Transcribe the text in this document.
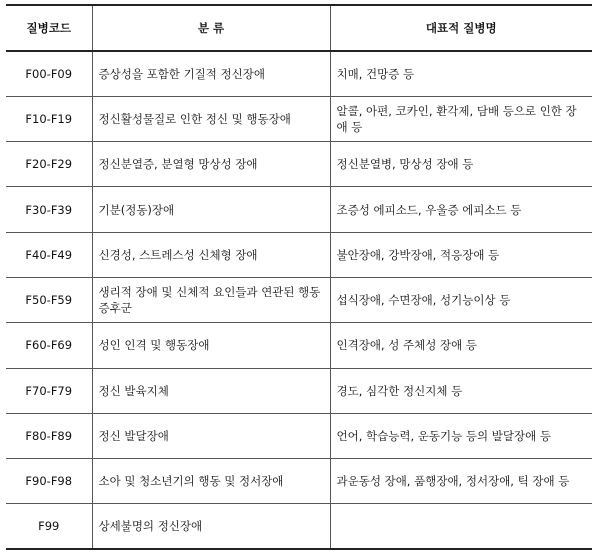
질병코드	분 류	대표적 질병명
F00-F09	증상성을 포함한 기질적 정신장애	치매, 건망증 등
F10-F19	정신활성물질로 인한 정신 및 행동장애	알콜, 아편, 코카인, 환각제, 담배 등으로 인한 장애 등
F20-F29	정신분열증, 분열형 망상성 장애	정신분열병, 망상성 장애 등
F30-F39	기분(정동)장애	조증성 에피소드, 우울증 에피소드 등
F40-F49	신경성, 스트레스성 신체형 장애	불안장애, 강박장애, 적응장애 등
F50-F59	생리적 장애 및 신체적 요인들과 연관된 행동 증후군	섭식장애, 수면장애, 성기능이상 등
F60-F69	성인 인격 및 행동장애	인격장애, 성 주체성 장애 등
F70-F79	정신 발육지체	경도, 심각한 정신지체 등
F80-F89	정신 발달장애	언어, 학습능력, 운동기능 등의 발달장애 등
F90-F98	소아 및 청소년기의 행동 및 정서장애	과운동성 장애, 품행장애, 정서장애, 틱 장애 등
F99	상세불명의 정신장애	
